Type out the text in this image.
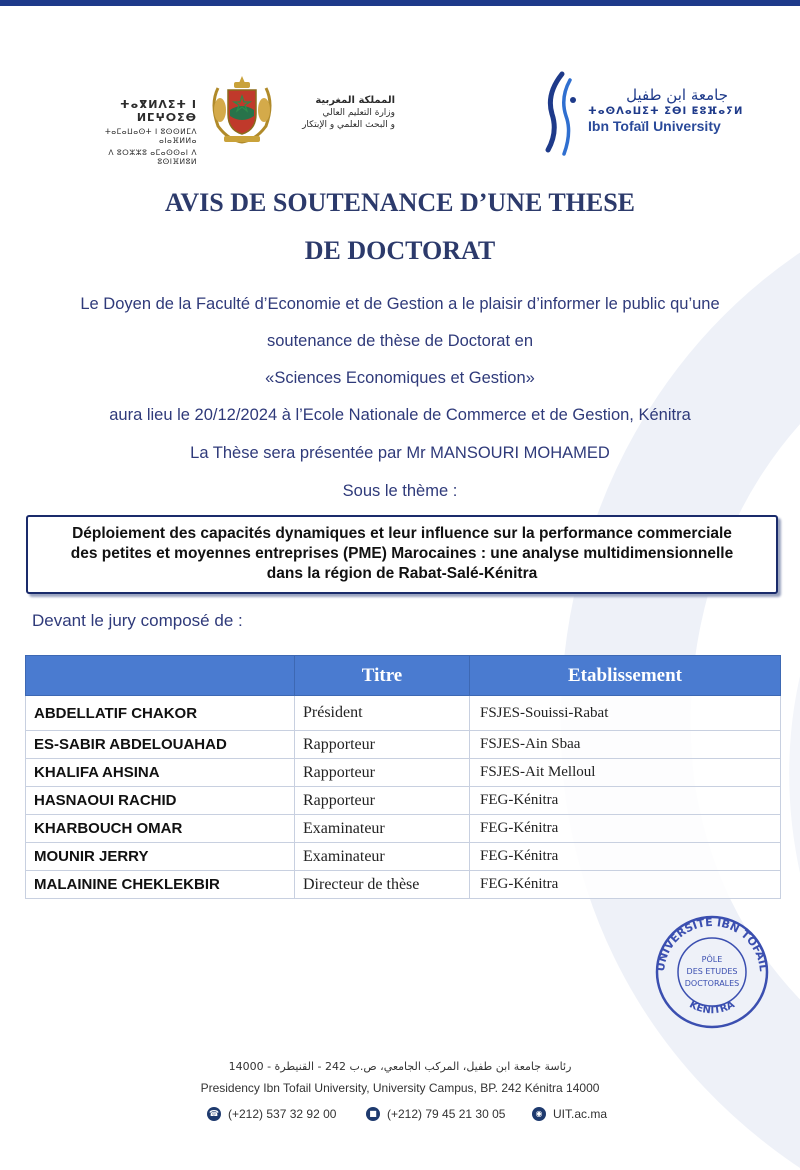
ⵜⴰⴳⵍⴷⵉⵜ ⵏ ⵍⵎⵖⵔⵉⴱ
ⵜⴰⵎⴰⵡⴰⵙⵜ ⵏ ⵓⵙⵙⵍⵎⴷ ⴰⵏⴰⴼⵍⵍⴰ
ⴷ ⵓⵔⵣⵣⵓ ⴰⵎⴰⵙⵙⴰⵏ ⴷ ⵓⵙⵏⴼⵍⵓⵍ
المملكة المغربية
وزارة التعليم العالي
و البحث العلمي و الإبتكار
جامعة ابن طفيل
ⵜⴰⵙⴷⴰⵡⵉⵜ ⵉⴱⵏ ⵟⵓⴼⴰⵢⵍ
Ibn Tofaïl University
AVIS DE SOUTENANCE D’UNE THESE
DE DOCTORAT
Le Doyen de la Faculté d’Economie et de Gestion a le plaisir d’informer le public qu’une
soutenance de thèse de Doctorat en
«Sciences Economiques et Gestion»
aura lieu le 20/12/2024 à l’Ecole Nationale de Commerce et de Gestion, Kénitra
La Thèse sera présentée par Mr MANSOURI MOHAMED
Sous le thème :
Déploiement des capacités dynamiques et leur influence sur la performance commerciale
des petites et moyennes entreprises (PME) Marocaines : une analyse multidimensionnelle
dans la région de Rabat-Salé-Kénitra
Devant le jury composé de :
	Titre	Etablissement
ABDELLATIF CHAKOR	Président	FSJES-Souissi-Rabat
ES-SABIR ABDELOUAHAD	Rapporteur	FSJES-Ain Sbaa
KHALIFA AHSINA	Rapporteur	FSJES-Ait Melloul
HASNAOUI RACHID	Rapporteur	FEG-Kénitra
KHARBOUCH OMAR	Examinateur	FEG-Kénitra
MOUNIR JERRY	Examinateur	FEG-Kénitra
MALAININE CHEKLEKBIR	Directeur de thèse	FEG-Kénitra
UNIVERSITE IBN TOFAIL
KENITRA
PÔLE
DES ETUDES
DOCTORALES
رئاسة جامعة ابن طفيل، المركب الجامعي، ص.ب 242 - القنيطرة - 14000
Presidency Ibn Tofail University, University Campus, BP. 242 Kénitra 14000
☎ (+212) 537 32 92 00	■ (+212) 79 45 21 30 05	◉ UIT.ac.ma
